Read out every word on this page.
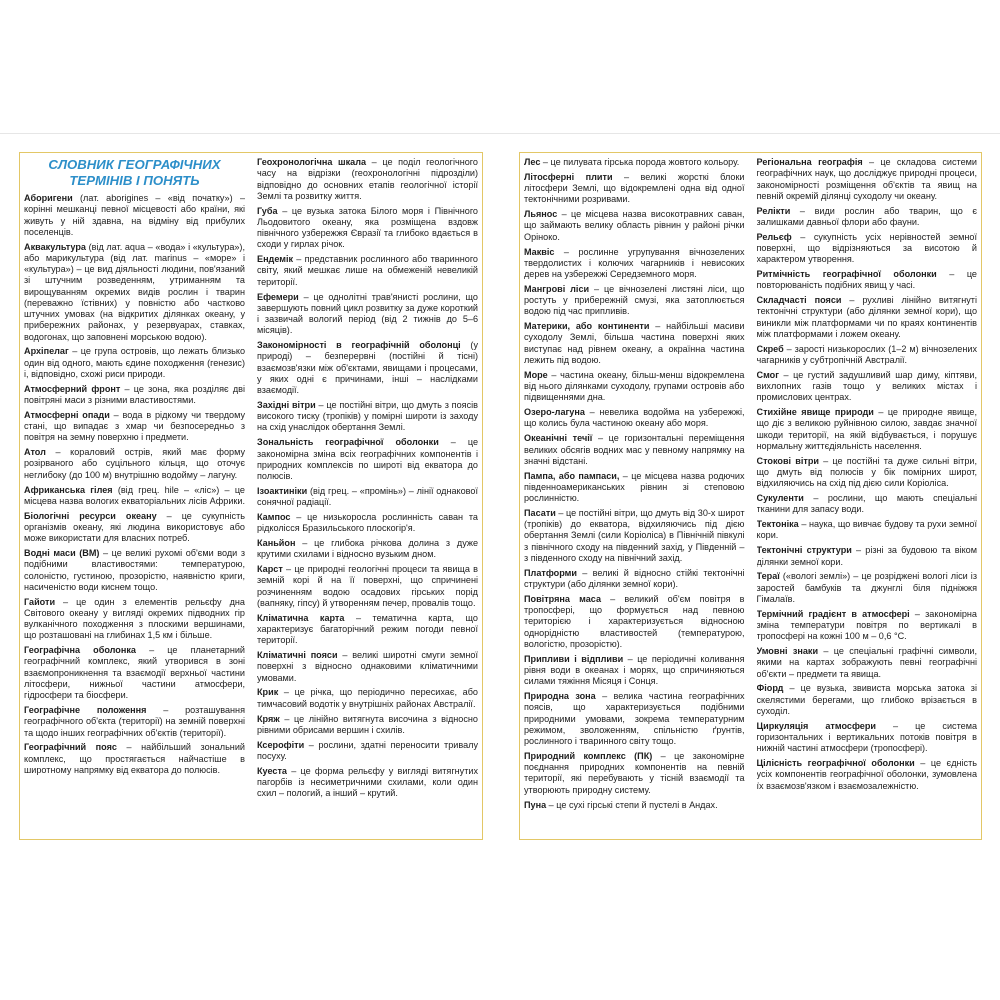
СЛОВНИК ГЕОГРАФІЧНИХ
ТЕРМІНІВ І ПОНЯТЬ

Аборигени (лат. aborigines – «від початку») – корінні мешканці певної місцевості або країни, які живуть у ній здавна, на відміну від прибулих поселенців.

Аквакультура (від лат. aqua – «вода» і «культура»), або марикультура (від лат. marinus – «море» і «культура») – це вид діяльності людини, пов'язаний зі штучним розведенням, утриманням та вирощуванням окремих видів рослин і тварин (переважно їстівних) у повністю або частково штучних умовах (на відкритих ділянках океану, у прибережних районах, у резервуарах, ставках, водогонах, що заповнені морською водою).

Архіпелаг – це група островів, що лежать близько один від одного, мають єдине походження (генезис) і, відповідно, схожі риси природи.

Атмосферний фронт – це зона, яка розділяє дві повітряні маси з різними властивостями.

Атмосферні опади – вода в рідкому чи твердому стані, що випадає з хмар чи безпосередньо з повітря на земну поверхню і предмети.

Атол – кораловий острів, який має форму розірваного або суцільного кільця, що оточує неглибоку (до 100 м) внутрішню водойму – лагуну.

Африканська гілея (від грец. hile – «ліс») – це місцева назва вологих екваторіальних лісів Африки.

Біологічні ресурси океану – це сукупність організмів океану, які людина використовує або може використати для власних потреб.

Водні маси (ВМ) – це великі рухомі об'єми води з подібними властивостями: температурою, солоністю, густиною, прозорістю, наявністю криги, насиченістю води киснем тощо.

Гайоти – це один з елементів рельєфу дна Світового океану у вигляді окремих підводних гір вулканічного походження з плоскими вершинами, що розташовані на глибинах 1,5 км і більше.

Географічна оболонка – це планетарний географічний комплекс, який утворився в зоні взаємопроникнення та взаємодії верхньої частини літосфери, нижньої частини атмосфери, гідросфери та біосфери.

Географічне положення – розташування географічного об'єкта (території) на земній поверхні та щодо інших географічних об'єктів (території).

Географічний пояс – найбільший зональний комплекс, що простягається найчастіше в широтному напрямку від екватора до полюсів.

Геохронологічна шкала – це поділ геологічного часу на відрізки (геохронологічні підрозділи) відповідно до основних етапів геологічної історії Землі та розвитку життя.

Губа – це вузька затока Білого моря і Північного Льодовитого океану, яка розміщена вздовж північного узбережжя Євразії та глибоко вдається в сходи у гирлах річок.

Ендемік – представник рослинного або тваринного світу, який мешкає лише на обмеженій невеликій території.

Ефемери – це однолітні трав'янисті рослини, що завершують повний цикл розвитку за дуже короткий і зазвичай вологий період (від 2 тижнів до 5–6 місяців).

Закономірності в географічній оболонці (у природі) – безперервні (постійні й тісні) взаємозв'язки між об'єктами, явищами і процесами, у яких одні є причинами, інші – наслідками взаємодії.

Західні вітри – це постійні вітри, що дмуть з поясів високого тиску (тропіків) у помірні широти із заходу на схід унаслідок обертання Землі.

Зональність географічної оболонки – це закономірна зміна всіх географічних компонентів і природних комплексів по широті від екватора до полюсів.

Ізоактиніки (від грец. – «промінь») – лінії однакової сонячної радіації.

Кампос – це низькоросла рослинність саван та рідколісся Бразильського плоскогір'я.

Каньйон – це глибока річкова долина з дуже крутими схилами і відносно вузьким дном.

Карст – це природні геологічні процеси та явища в земній корі й на її поверхні, що спричинені розчиненням водою осадових гірських порід (вапняку, гіпсу) й утворенням печер, провалів тощо.

Кліматична карта – тематична карта, що характеризує багаторічний режим погоди певної території.

Кліматичні пояси – великі широтні смуги земної поверхні з відносно однаковими кліматичними умовами.

Крик – це річка, що періодично пересихає, або тимчасовий водотік у внутрішніх районах Австралії.

Кряж – це лінійно витягнута височина з відносно рівними обрисами вершин і схилів.

Ксерофіти – рослини, здатні переносити тривалу посуху.

Куеста – це форма рельєфу у вигляді витягнутих пагорбів із несиметричними схилами, коли один схил – пологий, а інший – крутий.

Лес – це пилувата гірська порода жовтого кольору.

Літосферні плити – великі жорсткі блоки літосфери Землі, що відокремлені одна від одної тектонічними розривами.

Льянос – це місцева назва високотравних саван, що займають велику область рівнин у районі річки Оріноко.

Маквіс – рослинне угрупування вічнозелених твердолистих і колючих чагарників і невисоких дерев на узбережжі Середземного моря.

Мангрові ліси – це вічнозелені листяні ліси, що ростуть у прибережній смузі, яка затоплюється водою під час припливів.

Материки, або континенти – найбільші масиви суходолу Землі, більша частина поверхні яких виступає над рівнем океану, а окраїнна частина лежить під водою.

Море – частина океану, більш-менш відокремлена від нього ділянками суходолу, групами островів або підвищеннями дна.

Озеро-лагуна – невелика водойма на узбережжі, що колись була частиною океану або моря.

Океанічні течії – це горизонтальні переміщення великих обсягів водних мас у певному напрямку на значні відстані.

Пампа, або пампаси, – це місцева назва родючих південноамериканських рівнин зі степовою рослинністю.

Пасати – це постійні вітри, що дмуть від 30-х широт (тропіків) до екватора, відхиляючись під дією обертання Землі (сили Коріоліса) в Північній півкулі з північного сходу на південний захід, у Південній – з південного сходу на північний захід.

Платформи – великі й відносно стійкі тектонічні структури (або ділянки земної кори).

Повітряна маса – великий об'єм повітря в тропосфері, що формується над певною територією і характеризується відносною однорідністю властивостей (температурою, вологістю, прозорістю).

Припливи і відпливи – це періодичні коливання рівня води в океанах і морях, що спричиняються силами тяжіння Місяця і Сонця.

Природна зона – велика частина географічних поясів, що характеризується подібними природними умовами, зокрема температурним режимом, зволоженням, спільністю ґрунтів, рослинного і тваринного світу тощо.

Природний комплекс (ПК) – це закономірне поєднання природних компонентів на певній території, які перебувають у тісній взаємодії та утворюють природну систему.

Пуна – це сухі гірські степи й пустелі в Андах.

Регіональна географія – це складова системи географічних наук, що досліджує природні процеси, закономірності розміщення об'єктів та явищ на певній окремій ділянці суходолу чи океану.

Релікти – види рослин або тварин, що є залишками давньої флори або фауни.

Рельєф – сукупність усіх нерівностей земної поверхні, що відрізняються за висотою й характером утворення.

Ритмічність географічної оболонки – це повторюваність подібних явищ у часі.

Складчасті пояси – рухливі лінійно витягнуті тектонічні структури (або ділянки земної кори), що виникли між платформами чи по краях континентів між платформами і ложем океану.

Скреб – зарості низькорослих (1–2 м) вічнозелених чагарників у субтропічній Австралії.

Смог – це густий задушливий шар диму, кіптяви, вихлопних газів тощо у великих містах і промислових центрах.

Стихійне явище природи – це природне явище, що діє з великою руйнівною силою, завдає значної шкоди території, на якій відбувається, і порушує нормальну життєдіяльність населення.

Стокові вітри – це постійні та дуже сильні вітри, що дмуть від полюсів у бік помірних широт, відхиляючись на схід під дією сили Коріоліса.

Сукуленти – рослини, що мають спеціальні тканини для запасу води.

Тектоніка – наука, що вивчає будову та рухи земної кори.

Тектонічні структури – різні за будовою та віком ділянки земної кори.

Тераї («вологі землі») – це розріджені вологі ліси із заростей бамбуків та джунглі біля підніжжя Гімалаїв.

Термічний градієнт в атмосфері – закономірна зміна температури повітря по вертикалі в тропосфері на кожні 100 м – 0,6 °С.

Умовні знаки – це спеціальні графічні символи, якими на картах зображують певні географічні об'єкти – предмети та явища.

Фіорд – це вузька, звивиста морська затока зі скелястими берегами, що глибоко врізається в суходіл.

Циркуляція атмосфери – це система горизонтальних і вертикальних потоків повітря в нижній частині атмосфери (тропосфері).

Цілісність географічної оболонки – це єдність усіх компонентів географічної оболонки, зумовлена їх взаємозв'язком і взаємозалежністю.
